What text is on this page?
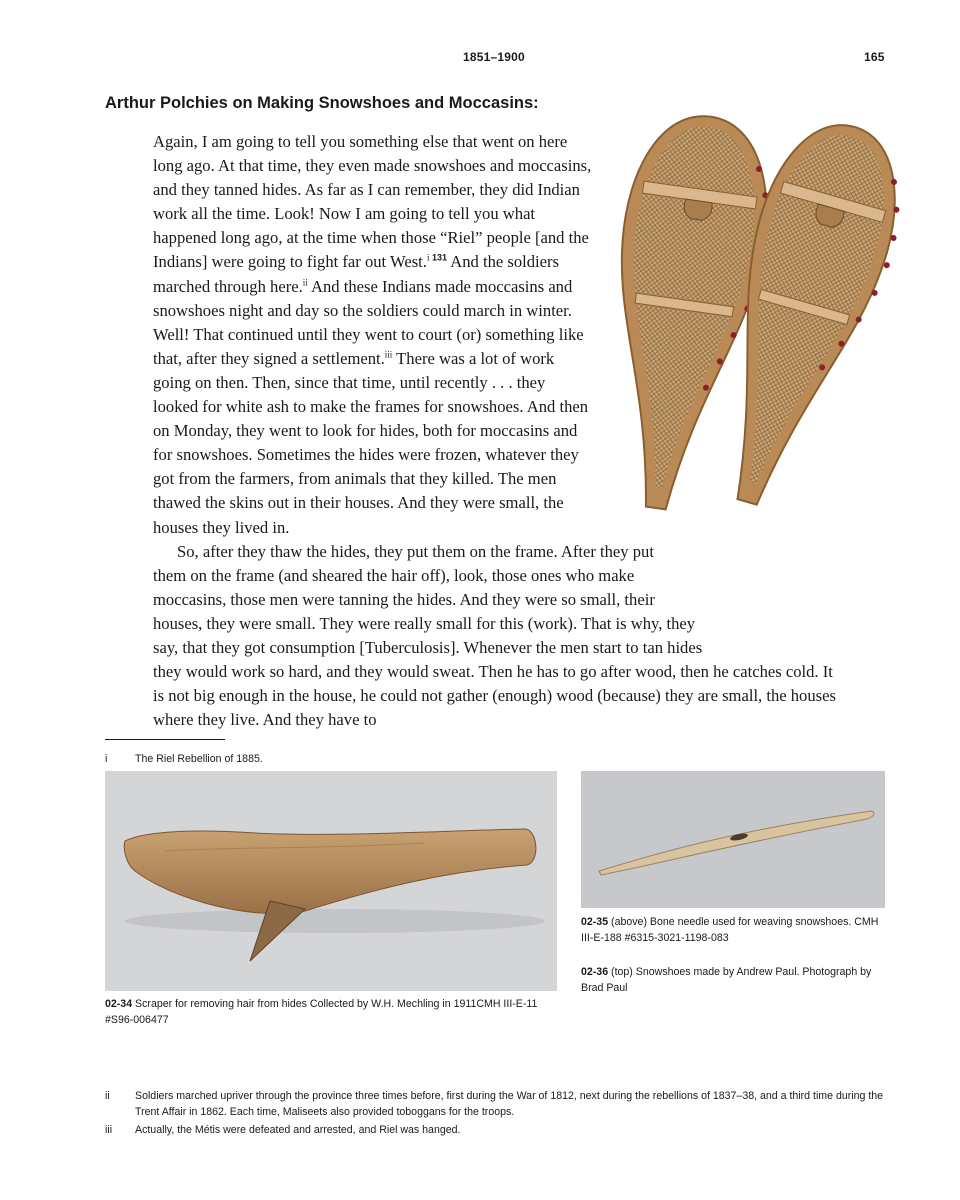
1851–1900	165
Arthur Polchies on Making Snowshoes and Moccasins:

Again, I am going to tell you something else that went on here long ago. At that time, they even made snowshoes and moccasins, and they tanned hides. As far as I can remember, they did Indian work all the time. Look! Now I am going to tell you what happened long ago, at the time when those “Riel” people [and the Indians] were going to fight far out West.$^i$ $^{131}$ And the soldiers marched through here.$^{ii}$ And these Indians made moccasins and snowshoes night and day so the soldiers could march in winter. Well! That continued until they went to court (or) something like that, after they signed a settlement.$^{iii}$ There was a lot of work going on then. Then, since that time, until recently . . . they looked for white ash to make the frames for snowshoes. And then on Monday, they went to look for hides, both for moccasins and for snowshoes. Sometimes the hides were frozen, whatever they got from the farmers, from animals that they killed. The men thawed the skins out in their houses. And they were small, the houses they lived in.

So, after they thaw the hides, they put them on the frame. After they put them on the frame (and sheared the hair off), look, those ones who make moccasins, those men were tanning the hides. And they were so small, their houses, they were small. They were really small for this (work). That is why, they say, that they got consumption [Tuberculosis]. Whenever the men start to tan hides they would work so hard, and they would sweat. Then he has to go after wood, then he catches cold. It is not big enough in the house, he could not gather (enough) wood (because) they are small, the houses where they live. And they have to

i	The Riel Rebellion of 1885.
02-34 Scraper for removing hair from hides Collected by W.H. Mechling in 1911CMH III-E-11 #S96-006477
02-35 (above) Bone needle used for weaving snowshoes. CMH III-E-188 #6315-3021-1198-083
02-36 (top) Snowshoes made by Andrew Paul. Photograph by Brad Paul
ii Soldiers marched upriver through the province three times before, first during the War of 1812, next during the rebellions of 1837–38, and a third time during the Trent Affair in 1862. Each time, Maliseets also provided toboggans for the troops.
iii Actually, the Métis were defeated and arrested, and Riel was hanged.
